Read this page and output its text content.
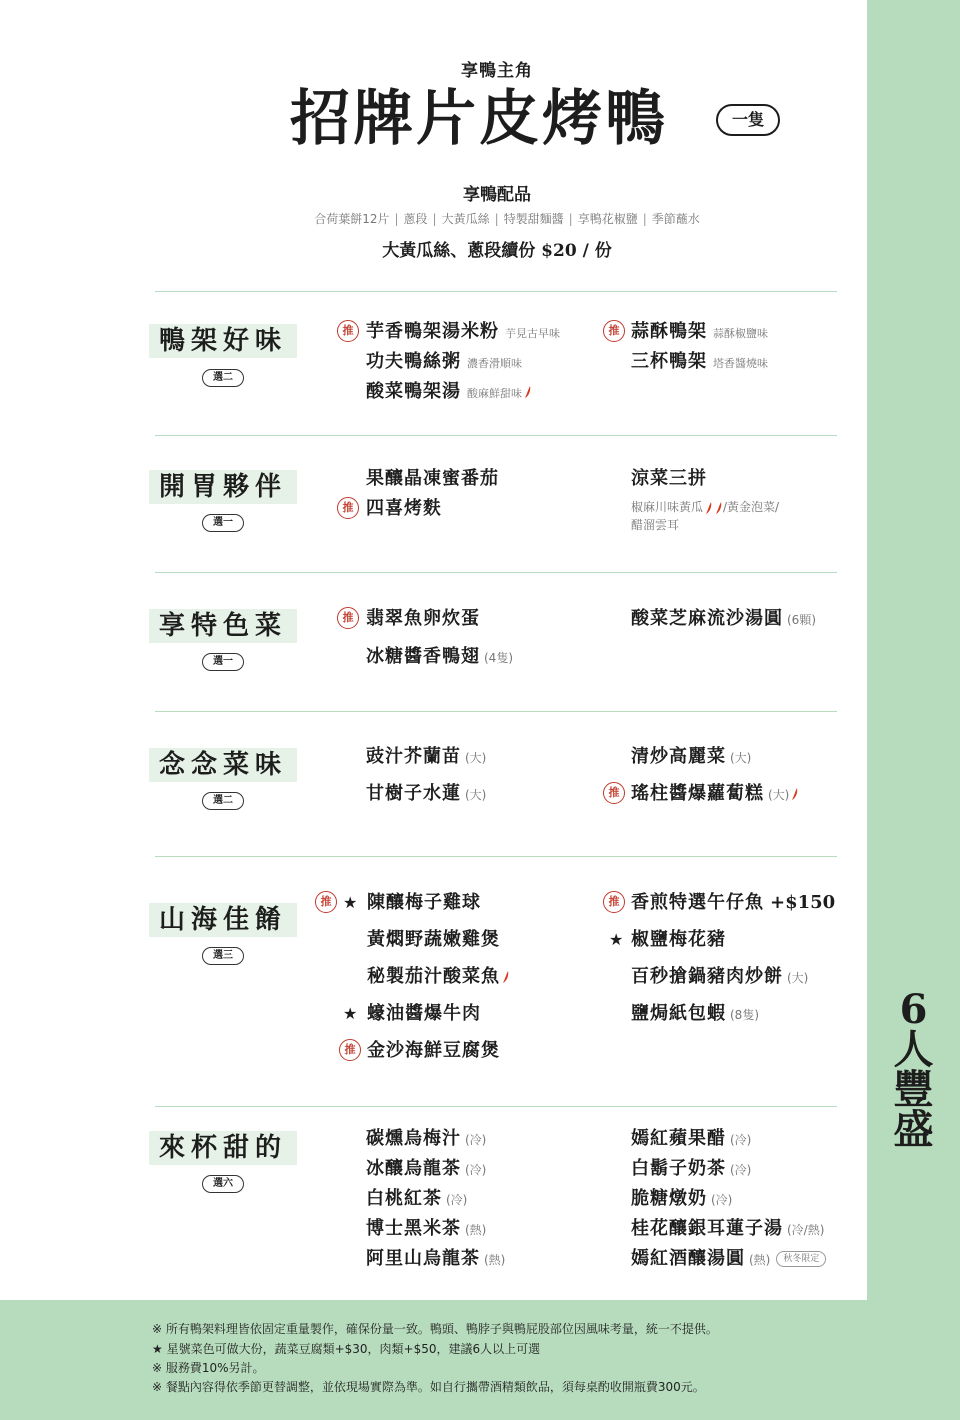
6
人
豐
盛
享鴨主角
招牌片皮烤鴨	一隻
享鴨配品
合荷葉餅12片 | 蔥段 | 大黃瓜絲 | 特製甜麵醬 | 享鴨花椒鹽 | 季節蘸水
大黃瓜絲、蔥段續份 $20 / 份
鴨架好味
選二
推 芋香鴨架湯米粉 芋見古早味
功夫鴨絲粥 濃香滑順味
酸菜鴨架湯 酸麻鮮甜味
推 蒜酥鴨架 蒜酥椒鹽味
三杯鴨架 塔香醬燒味
開胃夥伴
選一
果釀晶凍蜜番茄
推 四喜烤麩
涼菜三拼
椒麻川味黃瓜 /黃金泡菜/
醋溜雲耳
享特色菜
選一
推 翡翠魚卵炊蛋
冰糖醬香鴨翅 (4隻)
酸菜芝麻流沙湯圓 (6顆)
念念菜味
選二
豉汁芥蘭苗 (大)
甘樹子水蓮 (大)
清炒高麗菜 (大)
推 瑤柱醬爆蘿蔔糕 (大)
山海佳餚
選三
推 ★ 陳釀梅子雞球
黃燜野蔬嫩雞煲
秘製茄汁酸菜魚
★ 蠔油醬爆牛肉
推 金沙海鮮豆腐煲
推 香煎特選午仔魚 +$150
★ 椒鹽梅花豬
百秒搶鍋豬肉炒餅 (大)
鹽焗紙包蝦 (8隻)
來杯甜的
選六
碳燻烏梅汁 (冷)
冰釀烏龍茶 (冷)
白桃紅茶 (冷)
博士黑米茶 (熱)
阿里山烏龍茶 (熱)
嫣紅蘋果醋 (冷)
白鬍子奶茶 (冷)
脆糖燉奶 (冷)
桂花釀銀耳蓮子湯 (冷/熱)
嫣紅酒釀湯圓 (熱) 秋冬限定
※ 所有鴨架料理皆依固定重量製作，確保份量一致。鴨頭、鴨脖子與鴨屁股部位因風味考量，統一不提供。
★ 星號菜色可做大份，蔬菜豆腐類+$30，肉類+$50，建議6人以上可選
※ 服務費10%另計。
※ 餐點內容得依季節更替調整，並依現場實際為準。如自行攜帶酒精類飲品，須每桌酌收開瓶費300元。
